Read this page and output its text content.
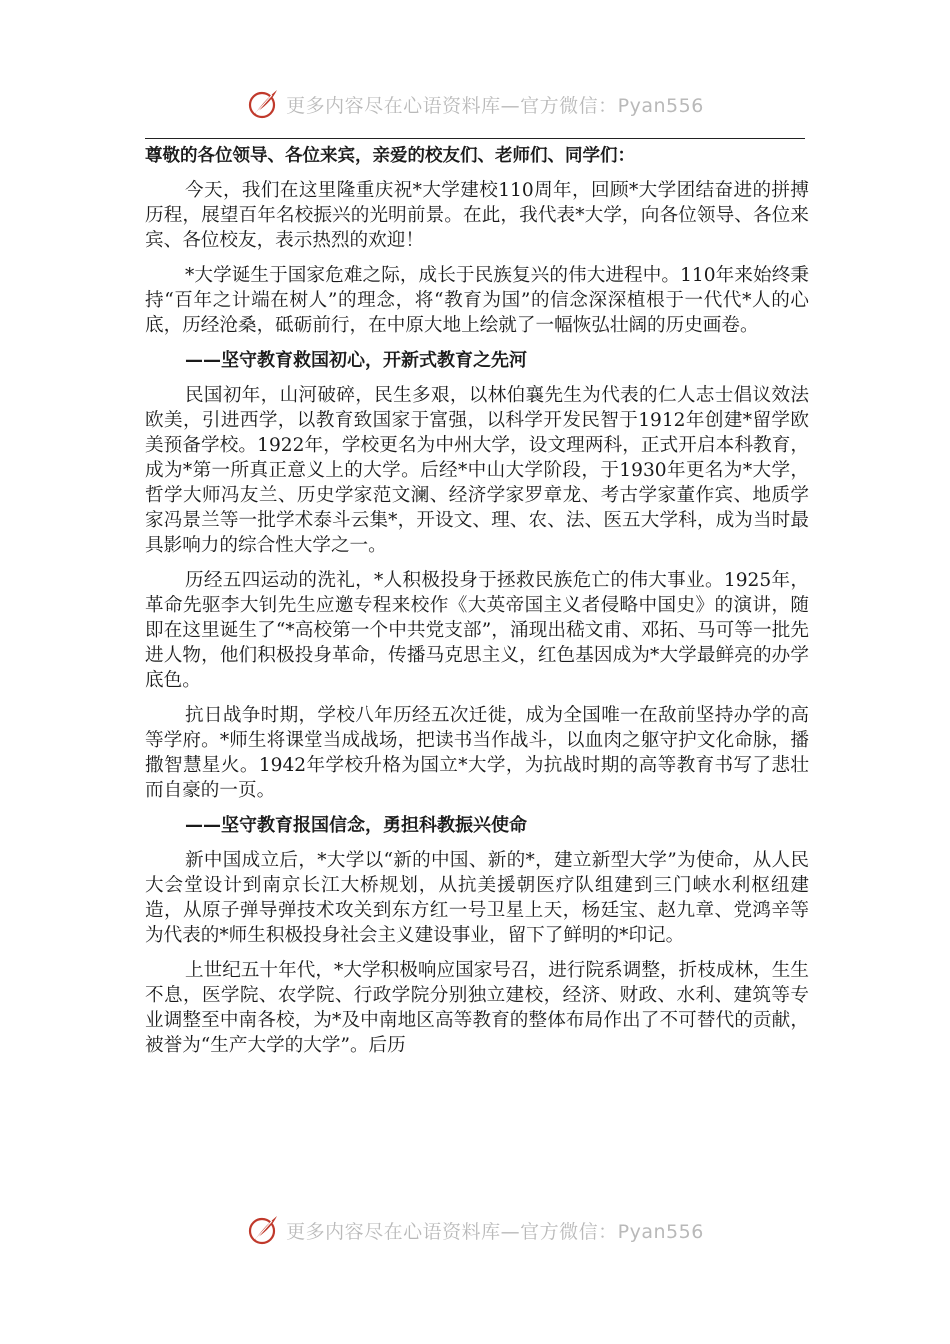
更多内容尽在心语资料库—官方微信：Pyan556
尊敬的各位领导、各位来宾，亲爱的校友们、老师们、同学们：

今天，我们在这里隆重庆祝*大学建校110周年，回顾*大学团结奋进的拼搏历程，展望百年名校振兴的光明前景。在此，我代表*大学，向各位领导、各位来宾、各位校友，表示热烈的欢迎！

*大学诞生于国家危难之际，成长于民族复兴的伟大进程中。110年来始终秉持“百年之计端在树人”的理念，将“教育为国”的信念深深植根于一代代*人的心底，历经沧桑，砥砺前行，在中原大地上绘就了一幅恢弘壮阔的历史画卷。

——坚守教育救国初心，开新式教育之先河

民国初年，山河破碎，民生多艰，以林伯襄先生为代表的仁人志士倡议效法欧美，引进西学，以教育致国家于富强，以科学开发民智于1912年创建*留学欧美预备学校。1922年，学校更名为中州大学，设文理两科，正式开启本科教育，成为*第一所真正意义上的大学。后经*中山大学阶段，于1930年更名为*大学，哲学大师冯友兰、历史学家范文澜、经济学家罗章龙、考古学家董作宾、地质学家冯景兰等一批学术泰斗云集*，开设文、理、农、法、医五大学科，成为当时最具影响力的综合性大学之一。

历经五四运动的洗礼，*人积极投身于拯救民族危亡的伟大事业。1925年，革命先驱李大钊先生应邀专程来校作《大英帝国主义者侵略中国史》的演讲，随即在这里诞生了“*高校第一个中共党支部”，涌现出嵇文甫、邓拓、马可等一批先进人物，他们积极投身革命，传播马克思主义，红色基因成为*大学最鲜亮的办学底色。

抗日战争时期，学校八年历经五次迁徙，成为全国唯一在敌前坚持办学的高等学府。*师生将课堂当成战场，把读书当作战斗，以血肉之躯守护文化命脉，播撒智慧星火。1942年学校升格为国立*大学，为抗战时期的高等教育书写了悲壮而自豪的一页。

——坚守教育报国信念，勇担科教振兴使命

新中国成立后，*大学以“新的中国、新的*，建立新型大学”为使命，从人民大会堂设计到南京长江大桥规划，从抗美援朝医疗队组建到三门峡水利枢纽建造，从原子弹导弹技术攻关到东方红一号卫星上天，杨廷宝、赵九章、党鸿辛等为代表的*师生积极投身社会主义建设事业，留下了鲜明的*印记。

上世纪五十年代，*大学积极响应国家号召，进行院系调整，折枝成林，生生不息，医学院、农学院、行政学院分别独立建校，经济、财政、水利、建筑等专业调整至中南各校，为*及中南地区高等教育的整体布局作出了不可替代的贡献，被誉为“生产大学的大学”。后历

更多内容尽在心语资料库—官方微信：Pyan556
